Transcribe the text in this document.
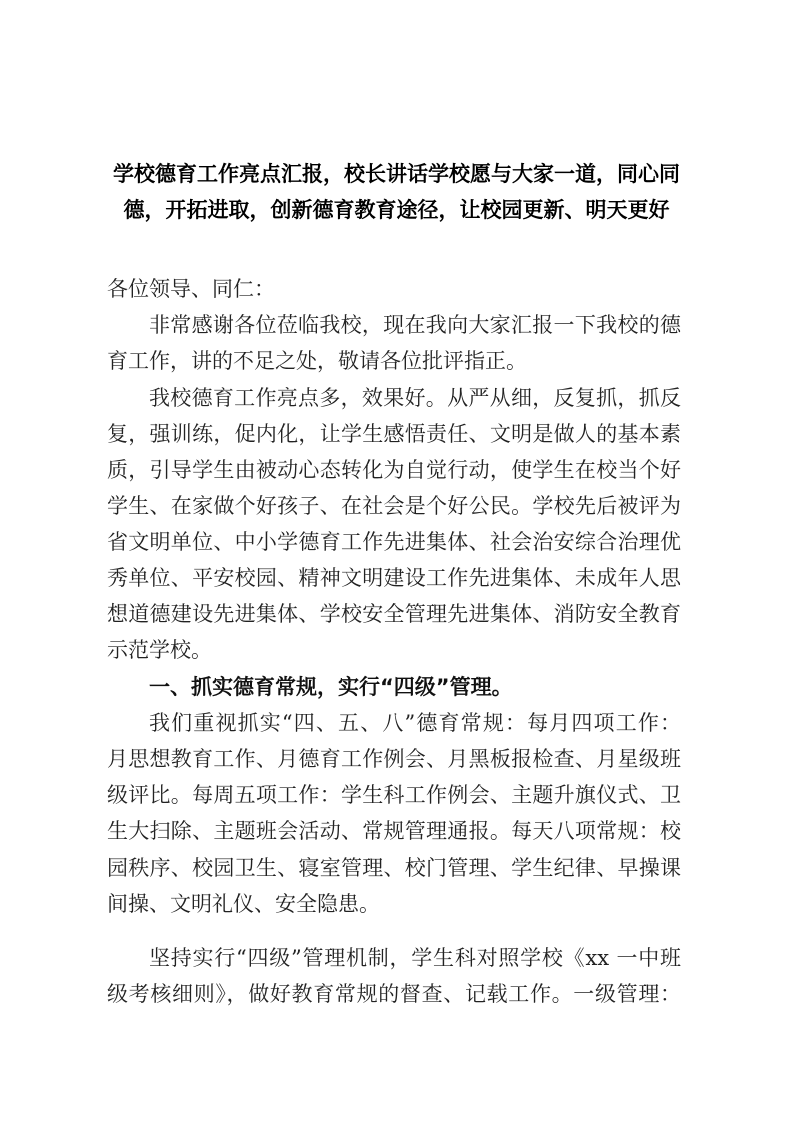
学校德育工作亮点汇报，校长讲话学校愿与大家一道，同心同
德，开拓进取，创新德育教育途径，让校园更新、明天更好
各位领导、同仁：
非常感谢各位莅临我校，现在我向大家汇报一下我校的德
育工作，讲的不足之处，敬请各位批评指正。
我校德育工作亮点多，效果好。从严从细，反复抓，抓反
复，强训练，促内化，让学生感悟责任、文明是做人的基本素
质，引导学生由被动心态转化为自觉行动，使学生在校当个好
学生、在家做个好孩子、在社会是个好公民。学校先后被评为
省文明单位、中小学德育工作先进集体、社会治安综合治理优
秀单位、平安校园、精神文明建设工作先进集体、未成年人思
想道德建设先进集体、学校安全管理先进集体、消防安全教育
示范学校。
一、抓实德育常规，实行“四级”管理。
我们重视抓实“四、五、八”德育常规：每月四项工作：
月思想教育工作、月德育工作例会、月黑板报检查、月星级班
级评比。每周五项工作：学生科工作例会、主题升旗仪式、卫
生大扫除、主题班会活动、常规管理通报。每天八项常规：校
园秩序、校园卫生、寝室管理、校门管理、学生纪律、早操课
间操、文明礼仪、安全隐患。
坚持实行“四级”管理机制，学生科对照学校《xx 一中班
级考核细则》，做好教育常规的督查、记载工作。一级管理：
